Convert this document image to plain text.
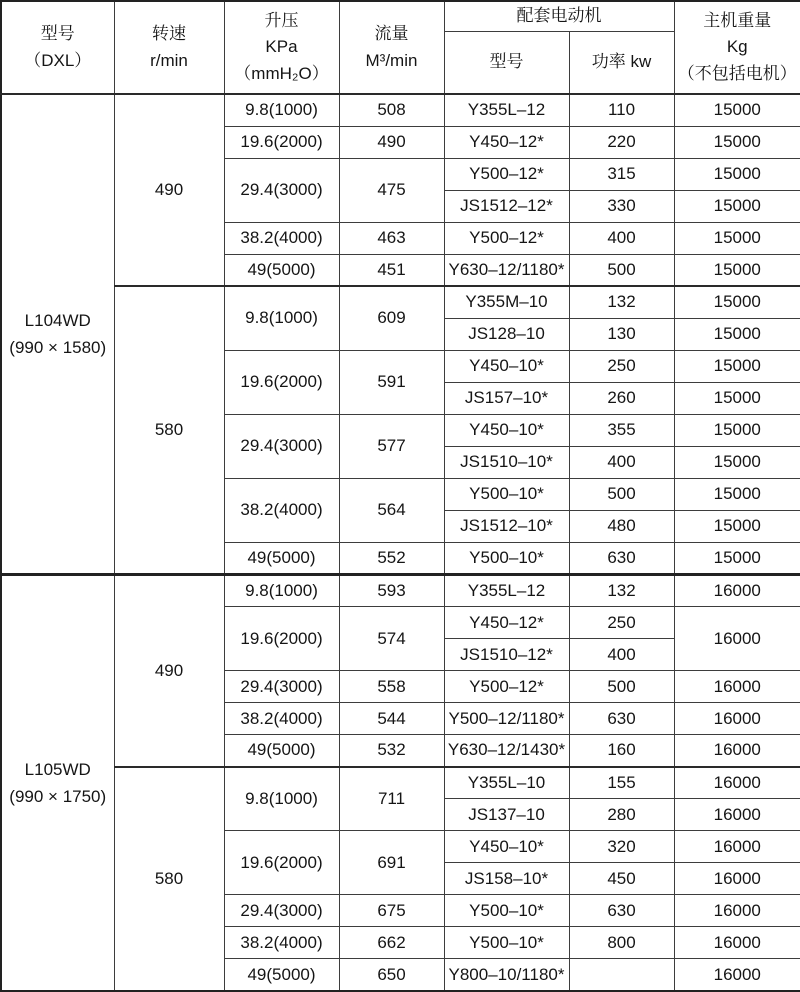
型号
（DXL）

转速
r/min

升压
KPa
（mmH₂O）

流量
M³/min

配套电动机	主机重量
Kg
（不包括电机）

				型号	功率 kw	

L104WD
(990 × 1580)	490	9.8(1000)	508	Y355L–12	110	15000
		19.6(2000)	490	Y450–12*	220	15000
		29.4(3000)	475	Y500–12*	315	15000
				JS1512–12*	330	15000
		38.2(4000)	463	Y500–12*	400	15000
		49(5000)	451	Y630–12/1180*	500	15000
	580	9.8(1000)	609	Y355M–10	132	15000
				JS128–10	130	15000
		19.6(2000)	591	Y450–10*	250	15000
				JS157–10*	260	15000
		29.4(3000)	577	Y450–10*	355	15000
				JS1510–10*	400	15000
		38.2(4000)	564	Y500–10*	500	15000
				JS1512–10*	480	15000
		49(5000)	552	Y500–10*	630	15000

L105WD
(990 × 1750)	490	9.8(1000)	593	Y355L–12	132	16000
		19.6(2000)	574	Y450–12*	250	16000
				JS1510–12*	400	
		29.4(3000)	558	Y500–12*	500	16000
		38.2(4000)	544	Y500–12/1180*	630	16000
		49(5000)	532	Y630–12/1430*	160	16000
	580	9.8(1000)	711	Y355L–10	155	16000
				JS137–10	280	16000
		19.6(2000)	691	Y450–10*	320	16000
				JS158–10*	450	16000
		29.4(3000)	675	Y500–10*	630	16000
		38.2(4000)	662	Y500–10*	800	16000
		49(5000)	650	Y800–10/1180*		16000
